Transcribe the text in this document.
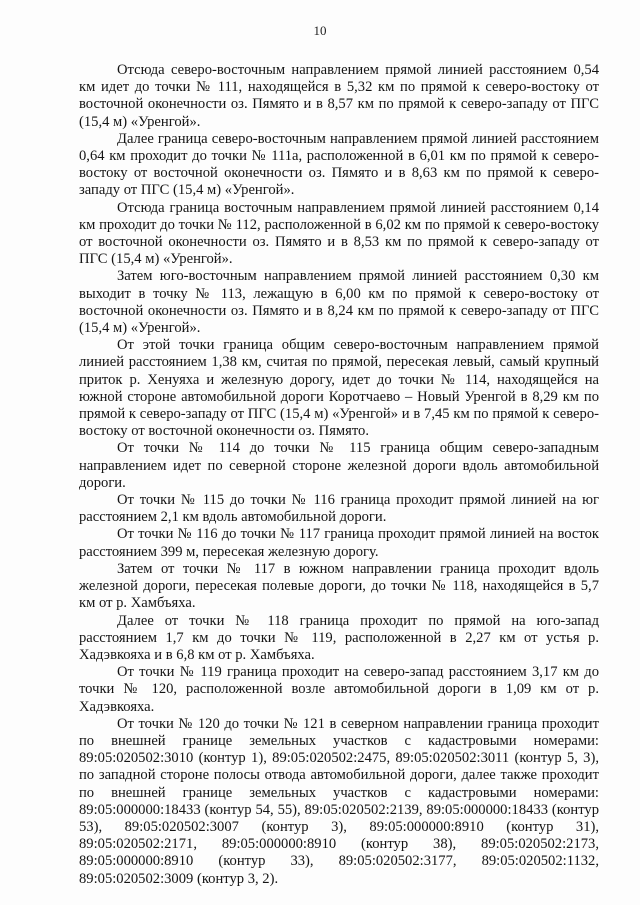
10

Отсюда северо-восточным направлением прямой линией расстоянием 0,54 км идет до точки № 111, находящейся в 5,32 км по прямой к северо-востоку от восточной оконечности оз. Пямято и в 8,57 км по прямой к северо-западу от ПГС (15,4 м) «Уренгой».

Далее граница северо-восточным направлением прямой линией расстоянием 0,64 км проходит до точки № 111а, расположенной в 6,01 км по прямой к северо-востоку от восточной оконечности оз. Пямято и в 8,63 км по прямой к северо-западу от ПГС (15,4 м) «Уренгой».

Отсюда граница восточным направлением прямой линией расстоянием 0,14 км проходит до точки № 112, расположенной в 6,02 км по прямой к северо-востоку от восточной оконечности оз. Пямято и в 8,53 км по прямой к северо-западу от ПГС (15,4 м) «Уренгой».

Затем юго-восточным направлением прямой линией расстоянием 0,30 км выходит в точку № 113, лежащую в 6,00 км по прямой к северо-востоку от восточной оконечности оз. Пямято и в 8,24 км по прямой к северо-западу от ПГС (15,4 м) «Уренгой».

От этой точки граница общим северо-восточным направлением прямой линией расстоянием 1,38 км, считая по прямой, пересекая левый, самый крупный приток р. Хенуяха и железную дорогу, идет до точки № 114, находящейся на южной стороне автомобильной дороги Коротчаево – Новый Уренгой в 8,29 км по прямой к северо-западу от ПГС (15,4 м) «Уренгой» и в 7,45 км по прямой к северо-востоку от восточной оконечности оз. Пямято.

От точки № 114 до точки № 115 граница общим северо-западным направлением идет по северной стороне железной дороги вдоль автомобильной дороги.

От точки № 115 до точки № 116 граница проходит прямой линией на юг расстоянием 2,1 км вдоль автомобильной дороги.

От точки № 116 до точки № 117 граница проходит прямой линией на восток расстоянием 399 м, пересекая железную дорогу.

Затем от точки № 117 в южном направлении граница проходит вдоль железной дороги, пересекая полевые дороги, до точки № 118, находящейся в 5,7 км от р. Хамбъяха.

Далее от точки № 118 граница проходит по прямой на юго-запад расстоянием 1,7 км до точки № 119, расположенной в 2,27 км от устья р. Хадэвкояха и в 6,8 км от р. Хамбъяха.

От точки № 119 граница проходит на северо-запад расстоянием 3,17 км до точки № 120, расположенной возле автомобильной дороги в 1,09 км от р. Хадэвкояха.

От точки № 120 до точки № 121 в северном направлении граница проходит по внешней границе земельных участков с кадастровыми номерами: 89:05:020502:3010 (контур 1), 89:05:020502:2475, 89:05:020502:3011 (контур 5, 3), по западной стороне полосы отвода автомобильной дороги, далее также проходит по внешней границе земельных участков с кадастровыми номерами: 89:05:000000:18433 (контур 54, 55), 89:05:020502:2139, 89:05:000000:18433 (контур 53), 89:05:020502:3007 (контур 3), 89:05:000000:8910 (контур 31), 89:05:020502:2171, 89:05:000000:8910 (контур 38), 89:05:020502:2173, 89:05:000000:8910 (контур 33), 89:05:020502:3177, 89:05:020502:1132, 89:05:020502:3009 (контур 3, 2).
